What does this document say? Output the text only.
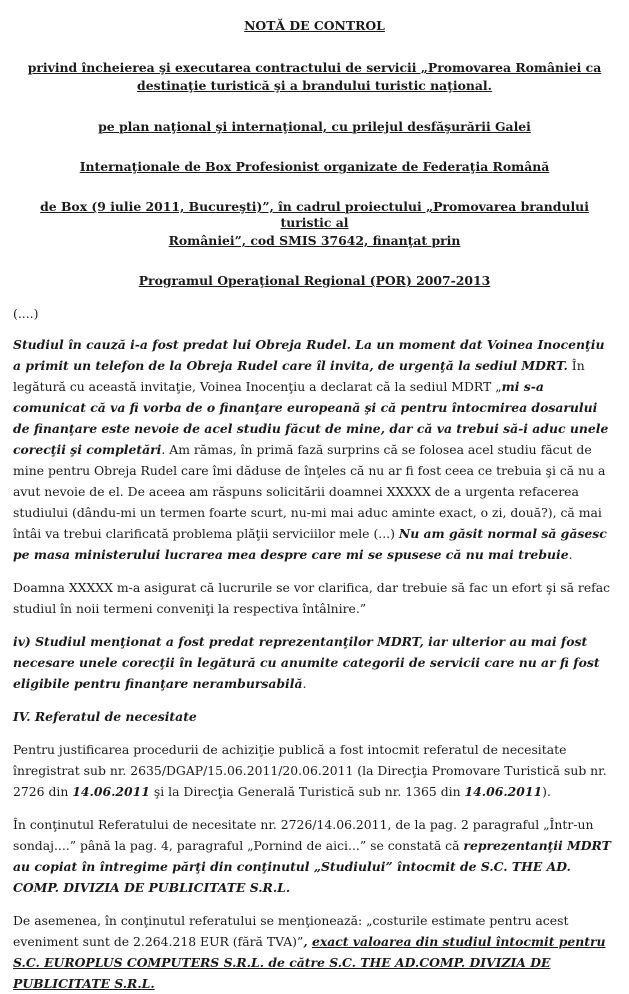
NOTĂ DE CONTROL

privind încheierea şi executarea contractului de servicii „Promovarea României ca

destinaţie turistică şi a brandului turistic naţional.

pe plan naţional şi internaţional, cu prilejul desfăşurării Galei

Internaţionale de Box Profesionist organizate de Federaţia Română

de Box (9 iulie 2011, Bucureşti)”, în cadrul proiectului „Promovarea brandului turistic al

României”, cod SMIS 37642, finanţat prin

Programul Operaţional Regional (POR) 2007-2013

(....)

Studiul în cauză i-a fost predat lui Obreja Rudel. La un moment dat Voinea Inocenţiu a primit un telefon de la Obreja Rudel care îl invita, de urgenţă la sediul MDRT. În legătură cu această invitaţie, Voinea Inocenţiu a declarat că la sediul MDRT „mi s-a comunicat că va fi vorba de o finanţare europeană şi că pentru întocmirea dosarului de finanţare este nevoie de acel studiu făcut de mine, dar că va trebui să-i aduc unele corecţii şi completări. Am rămas, în primă fază surprins că se folosea acel studiu făcut de mine pentru Obreja Rudel care îmi dăduse de înţeles că nu ar fi fost ceea ce trebuia şi că nu a avut nevoie de el. De aceea am răspuns solicitării doamnei XXXXX de a urgenta refacerea studiului (dându-mi un termen foarte scurt, nu-mi mai aduc aminte exact, o zi, două?), că mai întâi va trebui clarificată problema plăţii serviciilor mele (...) Nu am găsit normal să găsesc pe masa ministerului lucrarea mea despre care mi se spusese că nu mai trebuie.

Doamna XXXXX m-a asigurat că lucrurile se vor clarifica, dar trebuie să fac un efort şi să refac studiul în noii termeni conveniţi la respectiva întâlnire.”

iv) Studiul menţionat a fost predat reprezentanţilor MDRT, iar ulterior au mai fost necesare unele corecţii în legătură cu anumite categorii de servicii care nu ar fi fost eligibile pentru finanţare nerambursabilă.

IV. Referatul de necesitate

Pentru justificarea procedurii de achiziţie publică a fost intocmit referatul de necesitate înregistrat sub nr. 2635/DGAP/15.06.2011/20.06.2011 (la Direcţia Promovare Turistică sub nr. 2726 din 14.06.2011 şi la Direcţia Generală Turistică sub nr. 1365 din 14.06.2011).

În conţinutul Referatului de necesitate nr. 2726/14.06.2011, de la pag. 2 paragraful „Într-un sondaj....” până la pag. 4, paragraful „Pornind de aici...” se constată că reprezentanţii MDRT au copiat în întregime părţi din conţinutul „Studiului” întocmit de S.C. THE AD. COMP. DIVIZIA DE PUBLICITATE S.R.L.

De asemenea, în conţinutul referatului se menţionează: „costurile estimate pentru acest eveniment sunt de 2.264.218 EUR (fără TVA)”, exact valoarea din studiul întocmit pentru S.C. EUROPLUS COMPUTERS S.R.L. de către S.C. THE AD.COMP. DIVIZIA DE PUBLICITATE S.R.L.
